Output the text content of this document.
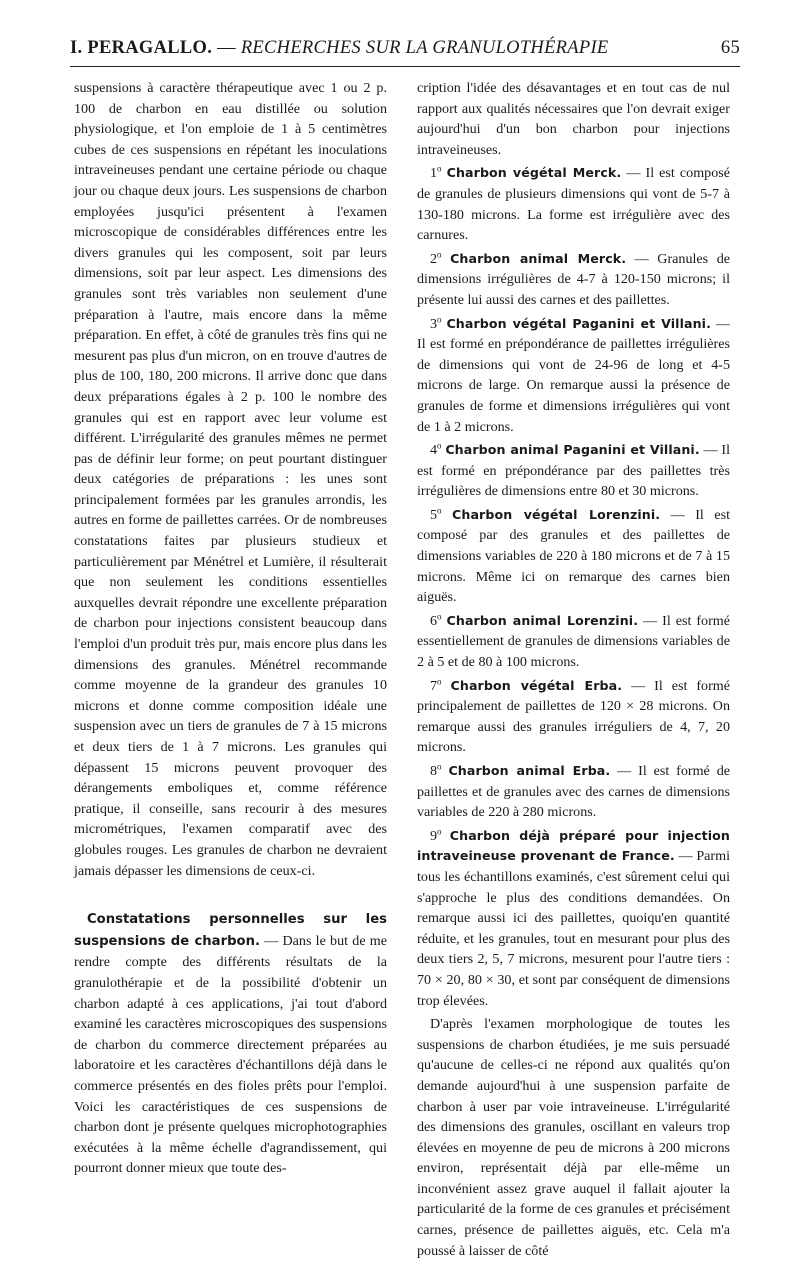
I. PERAGALLO. — RECHERCHES SUR LA GRANULOTHÉRAPIE	65

suspensions à caractère thérapeutique avec 1 ou 2 p. 100 de charbon en eau distillée ou solution physiologique, et l'on emploie de 1 à 5 centimètres cubes de ces suspensions en répétant les inoculations intraveineuses pendant une certaine période ou chaque jour ou chaque deux jours. Les suspensions de charbon employées jusqu'ici présentent à l'examen microscopique de considérables différences entre les divers granules qui les composent, soit par leurs dimensions, soit par leur aspect. Les dimensions des granules sont très variables non seulement d'une préparation à l'autre, mais encore dans la même préparation. En effet, à côté de granules très fins qui ne mesurent pas plus d'un micron, on en trouve d'autres de plus de 100, 180, 200 microns. Il arrive donc que dans deux préparations égales à 2 p. 100 le nombre des granules qui est en rapport avec leur volume est différent. L'irrégularité des granules mêmes ne permet pas de définir leur forme; on peut pourtant distinguer deux catégories de préparations : les unes sont principalement formées par les granules arrondis, les autres en forme de paillettes carrées. Or de nombreuses constatations faites par plusieurs studieux et particulièrement par Ménétrel et Lumière, il résulterait que non seulement les conditions essentielles auxquelles devrait répondre une excellente préparation de charbon pour injections consistent beaucoup dans l'emploi d'un produit très pur, mais encore plus dans les dimensions des granules. Ménétrel recommande comme moyenne de la grandeur des granules 10 microns et donne comme composition idéale une suspension avec un tiers de granules de 7 à 15 microns et deux tiers de 1 à 7 microns. Les granules qui dépassent 15 microns peuvent provoquer des dérangements emboliques et, comme référence pratique, il conseille, sans recourir à des mesures micrométriques, l'examen comparatif avec des globules rouges. Les granules de charbon ne devraient jamais dépasser les dimensions de ceux-ci.

Constatations personnelles sur les suspensions de charbon. — Dans le but de me rendre compte des différents résultats de la granulothérapie et de la possibilité d'obtenir un charbon adapté à ces applications, j'ai tout d'abord examiné les caractères microscopiques des suspensions de charbon du commerce directement préparées au laboratoire et les caractères d'échantillons déjà dans le commerce présentés en des fioles prêts pour l'emploi. Voici les caractéristiques de ces suspensions de charbon dont je présente quelques microphotographies exécutées à la même échelle d'agrandissement, qui pourront donner mieux que toute des-

cription l'idée des désavantages et en tout cas de nul rapport aux qualités nécessaires que l'on devrait exiger aujourd'hui d'un bon charbon pour injections intraveineuses.

1$^o$ Charbon végétal Merck. — Il est composé de granules de plusieurs dimensions qui vont de 5-7 à 130-180 microns. La forme est irrégulière avec des carnures.

2$^o$ Charbon animal Merck. — Granules de dimensions irrégulières de 4-7 à 120-150 microns; il présente lui aussi des carnes et des paillettes.

3$^o$ Charbon végétal Paganini et Villani. — Il est formé en prépondérance de paillettes irrégulières de dimensions qui vont de 24-96 de long et 4-5 microns de large. On remarque aussi la présence de granules de forme et dimensions irrégulières qui vont de 1 à 2 microns.

4$^o$ Charbon animal Paganini et Villani. — Il est formé en prépondérance par des paillettes très irrégulières de dimensions entre 80 et 30 microns.

5$^o$ Charbon végétal Lorenzini. — Il est composé par des granules et des paillettes de dimensions variables de 220 à 180 microns et de 7 à 15 microns. Même ici on remarque des carnes bien aiguës.

6$^o$ Charbon animal Lorenzini. — Il est formé essentiellement de granules de dimensions variables de 2 à 5 et de 80 à 100 microns.

7$^o$ Charbon végétal Erba. — Il est formé principalement de paillettes de 120 × 28 microns. On remarque aussi des granules irréguliers de 4, 7, 20 microns.

8$^o$ Charbon animal Erba. — Il est formé de paillettes et de granules avec des carnes de dimensions variables de 220 à 280 microns.

9$^o$ Charbon déjà préparé pour injection intraveineuse provenant de France. — Parmi tous les échantillons examinés, c'est sûrement celui qui s'approche le plus des conditions demandées. On remarque aussi ici des paillettes, quoiqu'en quantité réduite, et les granules, tout en mesurant pour plus des deux tiers 2, 5, 7 microns, mesurent pour l'autre tiers : 70 × 20, 80 × 30, et sont par conséquent de dimensions trop élevées.

D'après l'examen morphologique de toutes les suspensions de charbon étudiées, je me suis persuadé qu'aucune de celles-ci ne répond aux qualités qu'on demande aujourd'hui à une suspension parfaite de charbon à user par voie intraveineuse. L'irrégularité des dimensions des granules, oscillant en valeurs trop élevées en moyenne de peu de microns à 200 microns environ, représentait déjà par elle-même un inconvénient assez grave auquel il fallait ajouter la particularité de la forme de ces granules et précisément carnes, présence de paillettes aiguës, etc. Cela m'a poussé à laisser de côté
